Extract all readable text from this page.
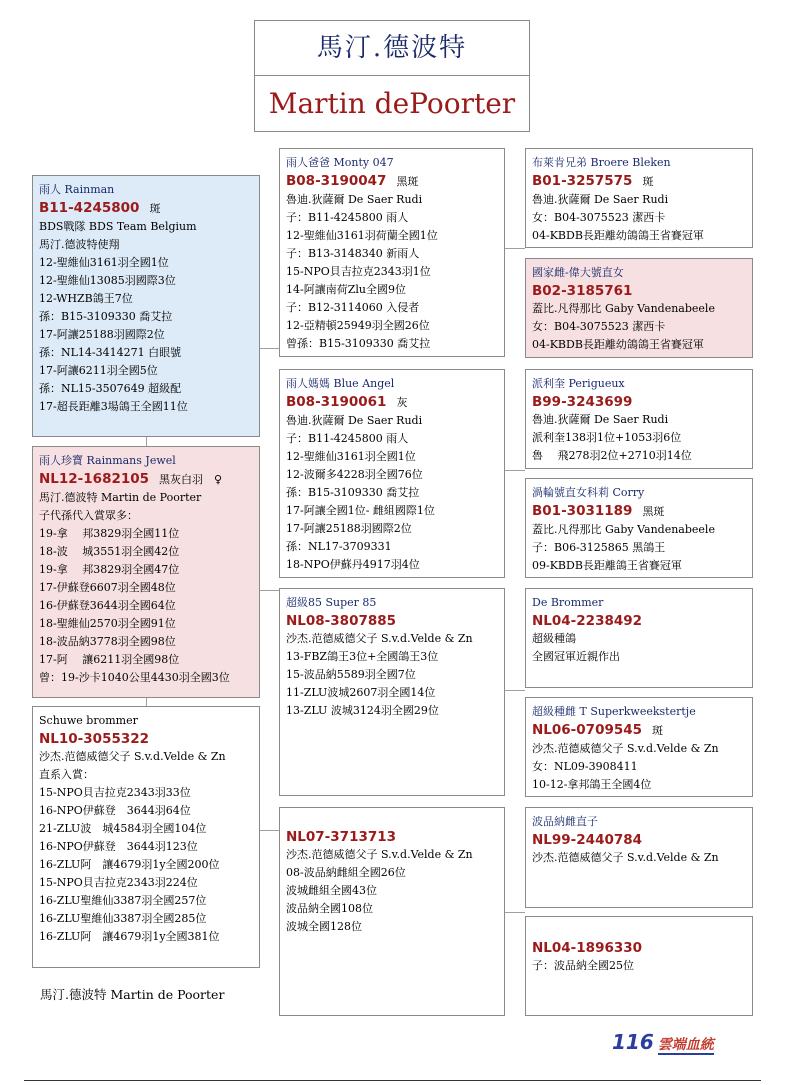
馬汀.德波特
Martin dePoorter
雨人 Rainman
B11-4245800 斑
BDS戰隊 BDS Team Belgium
馬汀.德波特使翔
12-聖維仙3161羽全國1位
12-聖維仙13085羽國際3位
12-WHZB鴿王7位
孫：B15-3109330 喬艾拉
17-阿讓25188羽國際2位
孫：NL14-3414271 白眼號
17-阿讓6211羽全國5位
孫：NL15-3507649 超級配
17-超長距離3場鴿王全國11位
雨人珍寶 Rainmans Jewel
NL12-1682105 黑灰白羽　♀
馬汀.德波特 Martin de Poorter
子代孫代入賞眾多：
19-拿　 邦3829羽全國11位
18-波　 城3551羽全國42位
19-拿　 邦3829羽全國47位
17-伊蘇登6607羽全國48位
16-伊蘇登3644羽全國64位
18-聖維仙2570羽全國91位
18-波品納3778羽全國98位
17-阿　 讓6211羽全國98位
曾：19-沙卡1040公里4430羽全國3位
Schuwe brommer
NL10-3055322
沙杰.范德威德父子 S.v.d.Velde & Zn
直系入賞：
15-NPO貝吉拉克2343羽33位
16-NPO伊蘇登　3644羽64位
21-ZLU波　城4584羽全國104位
16-NPO伊蘇登　3644羽123位
16-ZLU阿　讓4679羽1y全國200位
15-NPO貝吉拉克2343羽224位
16-ZLU聖維仙3387羽全國257位
16-ZLU聖維仙3387羽全國285位
16-ZLU阿　讓4679羽1y全國381位
雨人爸爸 Monty 047
B08-3190047 黑斑
魯迪.狄薩爾 De Saer Rudi
子：B11-4245800 雨人
12-聖維仙3161羽荷蘭全國1位
子：B13-3148340 新雨人
15-NPO貝吉拉克2343羽1位
14-阿讓南荷Zlu全國9位
子：B12-3114060 入侵者
12-亞精頓25949羽全國26位
曾孫：B15-3109330 喬艾拉
雨人媽媽 Blue Angel
B08-3190061 灰
魯迪.狄薩爾 De Saer Rudi
子：B11-4245800 雨人
12-聖維仙3161羽全國1位
12-波爾多4228羽全國76位
孫：B15-3109330 喬艾拉
17-阿讓全國1位- 雌組國際1位
17-阿讓25188羽國際2位
孫：NL17-3709331
18-NPO伊蘇丹4917羽4位
超級85 Super 85
NL08-3807885
沙杰.范德威德父子 S.v.d.Velde & Zn
13-FBZ鴿王3位+全國鴿王3位
15-波品納5589羽全國7位
11-ZLU波城2607羽全國14位
13-ZLU 波城3124羽全國29位
NL07-3713713
沙杰.范德威德父子 S.v.d.Velde & Zn
08-波品納雌組全國26位
波城雌組全國43位
波品納全國108位
波城全國128位
布萊肯兄弟 Broere Bleken
B01-3257575 斑
魯迪.狄薩爾 De Saer Rudi
女：B04-3075523 潔西卡
04-KBDB長距離幼鴿鴿王省賽冠軍
國家雌-偉大號直女
B02-3185761
蓋比.凡得那比 Gaby Vandenabeele
女：B04-3075523 潔西卡
04-KBDB長距離幼鴿鴿王省賽冠軍
派利奎 Perigueux
B99-3243699
魯迪.狄薩爾 De Saer Rudi
派利奎138羽1位+1053羽6位
魯　 飛278羽2位+2710羽14位
渦輪號直女科莉 Corry
B01-3031189 黑斑
蓋比.凡得那比 Gaby Vandenabeele
子：B06-3125865 黑鴿王
09-KBDB長距離鴿王省賽冠軍
De Brommer
NL04-2238492
超級種鴿
全國冠軍近親作出
超級種雌 T Superkweekstertje
NL06-0709545 斑
沙杰.范德威德父子 S.v.d.Velde & Zn
女：NL09-3908411
10-12-拿邦鴿王全國4位
波品納雌直子
NL99-2440784
沙杰.范德威德父子 S.v.d.Velde & Zn
NL04-1896330
子：波品納全國25位
馬汀.德波特 Martin de Poorter
116 雲端血統
